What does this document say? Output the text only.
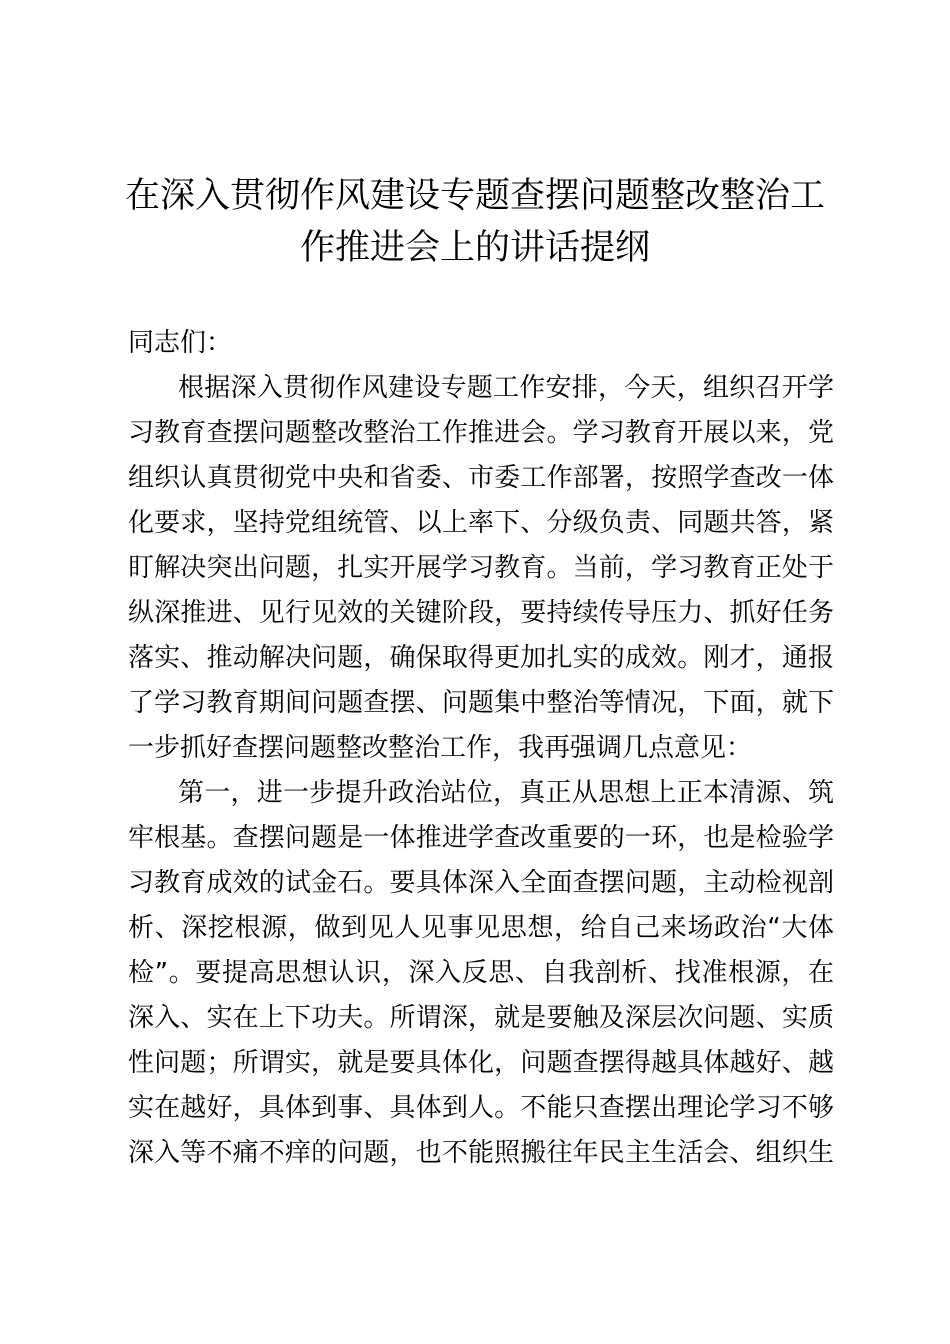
在深入贯彻作风建设专题查摆问题整改整治工
作推进会上的讲话提纲
同志们：
根据深入贯彻作风建设专题工作安排，今天，组织召开学
习教育查摆问题整改整治工作推进会。学习教育开展以来，党
组织认真贯彻党中央和省委、市委工作部署，按照学查改一体
化要求，坚持党组统管、以上率下、分级负责、同题共答，紧
盯解决突出问题，扎实开展学习教育。当前，学习教育正处于
纵深推进、见行见效的关键阶段，要持续传导压力、抓好任务
落实、推动解决问题，确保取得更加扎实的成效。刚才，通报
了学习教育期间问题查摆、问题集中整治等情况，下面，就下
一步抓好查摆问题整改整治工作，我再强调几点意见：
第一，进一步提升政治站位，真正从思想上正本清源、筑
牢根基。查摆问题是一体推进学查改重要的一环，也是检验学
习教育成效的试金石。要具体深入全面查摆问题，主动检视剖
析、深挖根源，做到见人见事见思想，给自己来场政治“大体
检”。要提高思想认识，深入反思、自我剖析、找准根源，在
深入、实在上下功夫。所谓深，就是要触及深层次问题、实质
性问题；所谓实，就是要具体化，问题查摆得越具体越好、越
实在越好，具体到事、具体到人。不能只查摆出理论学习不够
深入等不痛不痒的问题，也不能照搬往年民主生活会、组织生
